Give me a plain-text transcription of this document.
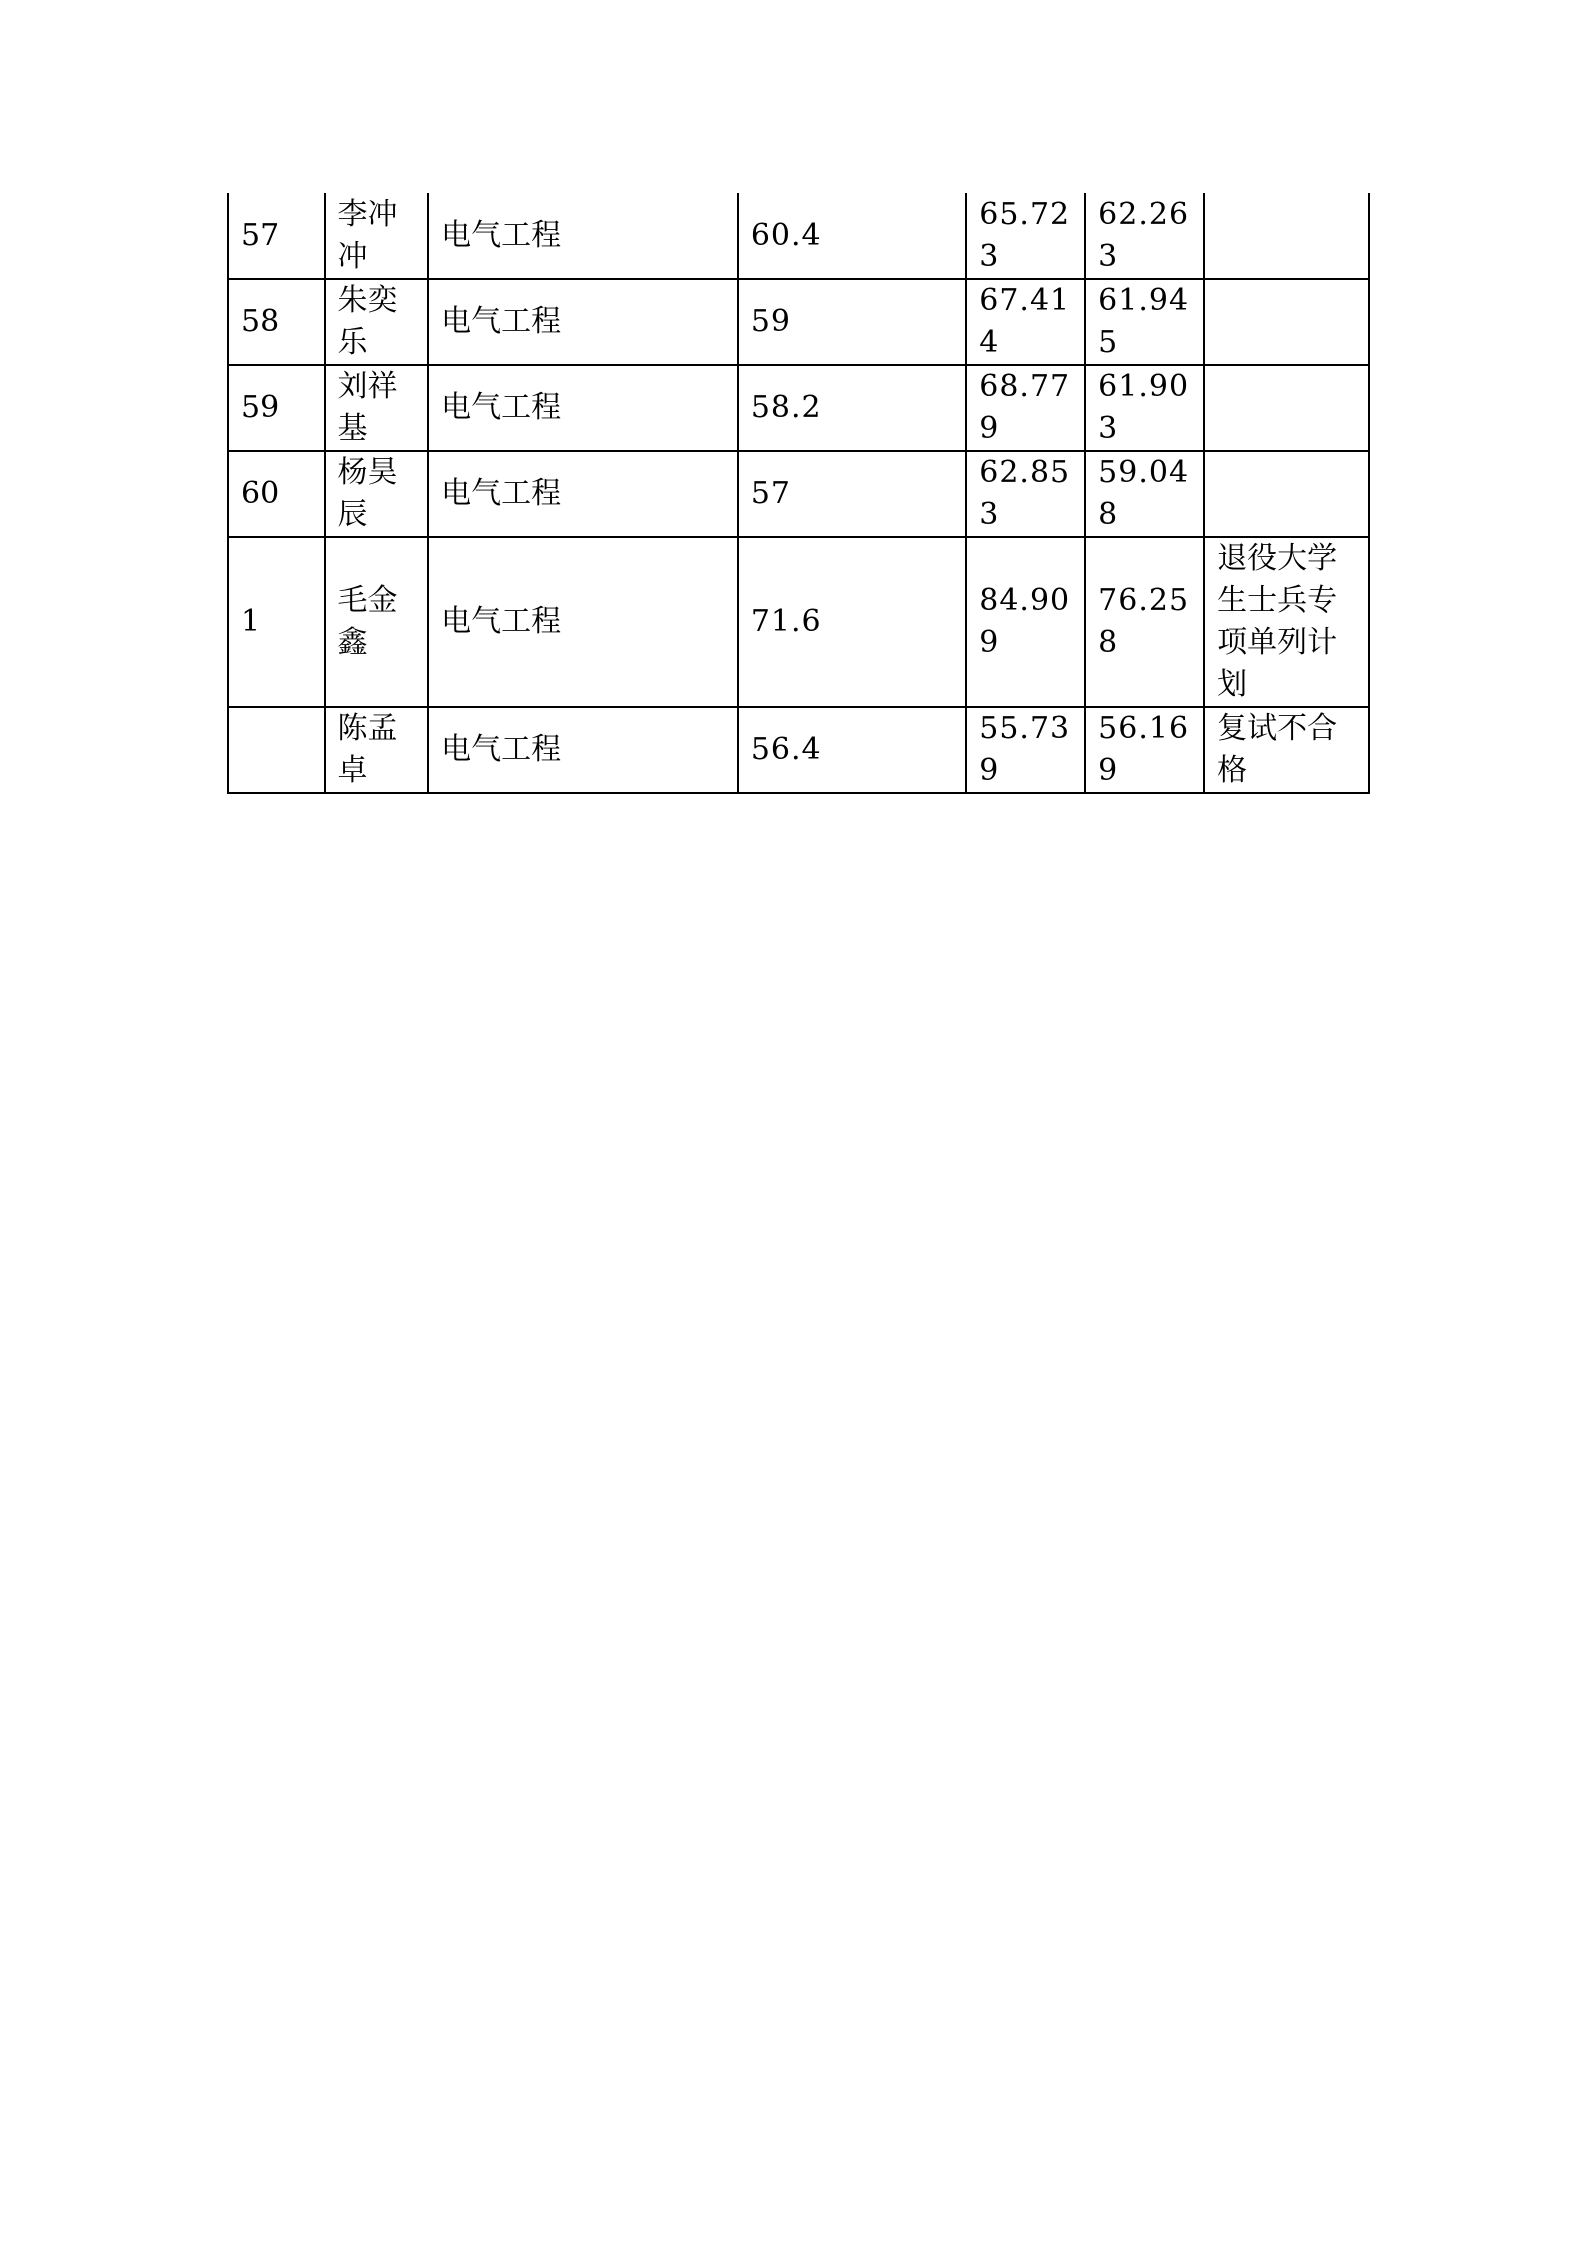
57	李冲冲	电气工程	60.4	65.723	62.263	
58	朱奕乐	电气工程	59	67.414	61.945	
59	刘祥基	电气工程	58.2	68.779	61.903	
60	杨昊辰	电气工程	57	62.853	59.048	
1	毛金鑫	电气工程	71.6	84.909	76.258	退役大学生士兵专项单列计划
	陈孟卓	电气工程	56.4	55.739	56.169	复试不合格
